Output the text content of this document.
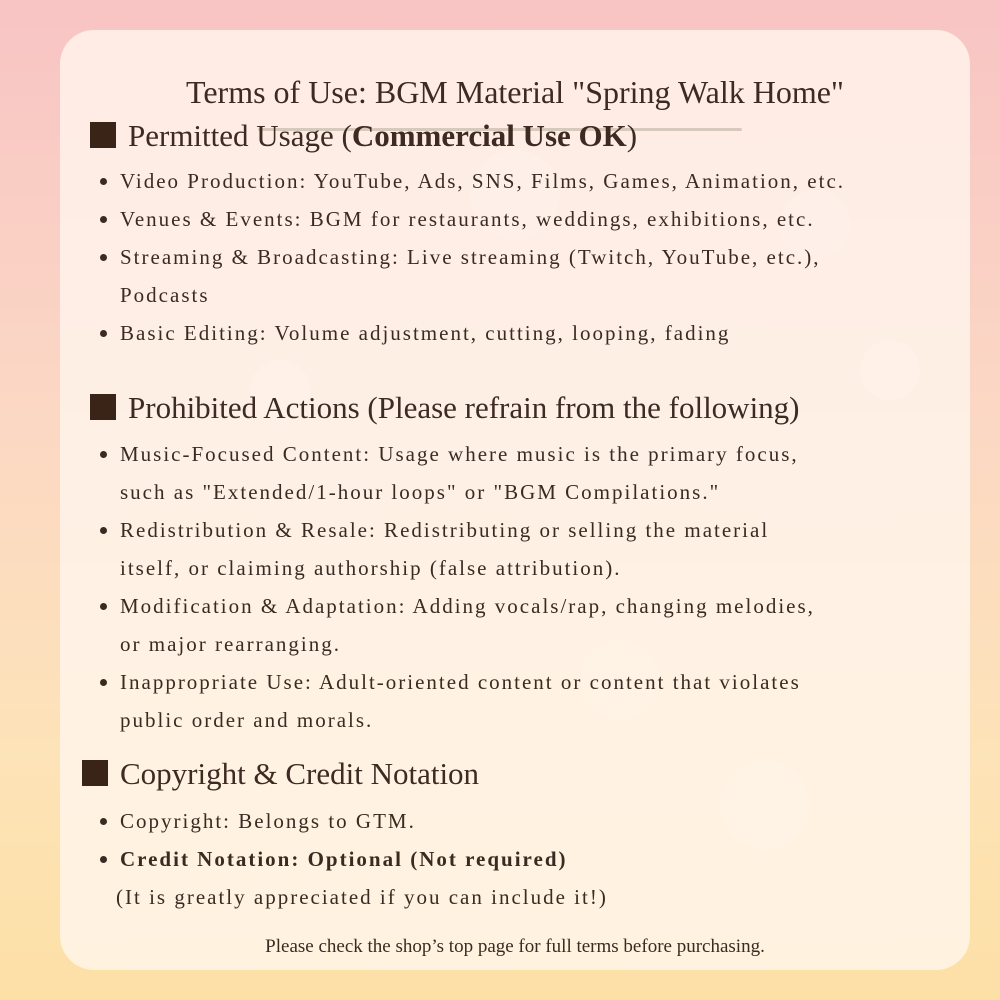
Terms of Use: BGM Material "Spring Walk Home"
Permitted Usage (Commercial Use OK)
Video Production: YouTube, Ads, SNS, Films, Games, Animation, etc.
Venues & Events: BGM for restaurants, weddings, exhibitions, etc.
Streaming & Broadcasting: Live streaming (Twitch, YouTube, etc.),
Podcasts
Basic Editing: Volume adjustment, cutting, looping, fading
Prohibited Actions (Please refrain from the following)
Music-Focused Content: Usage where music is the primary focus,
such as "Extended/1-hour loops" or "BGM Compilations."
Redistribution & Resale: Redistributing or selling the material
itself, or claiming authorship (false attribution).
Modification & Adaptation: Adding vocals/rap, changing melodies,
or major rearranging.
Inappropriate Use: Adult-oriented content or content that violates
public order and morals.
Copyright & Credit Notation
Copyright: Belongs to GTM.
Credit Notation: Optional (Not required)
(It is greatly appreciated if you can include it!)
Please check the shop’s top page for full terms before purchasing.
